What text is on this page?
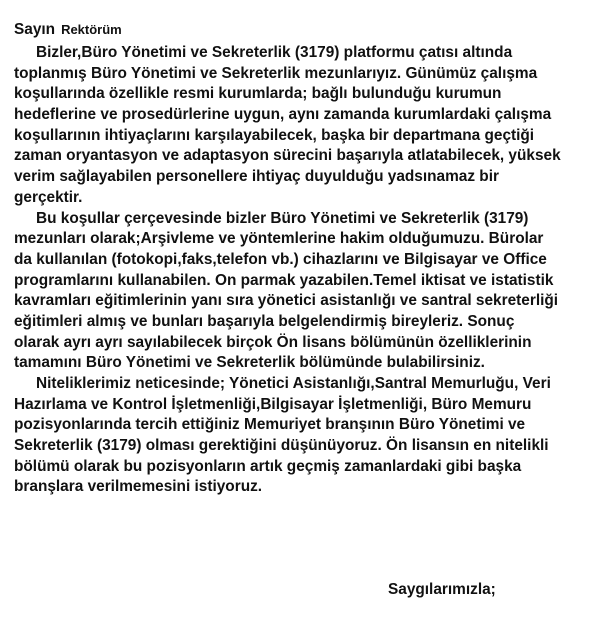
Sayın Rektörüm
Bizler,Büro Yönetimi ve Sekreterlik (3179) platformu çatısı altında
toplanmış Büro Yönetimi ve Sekreterlik mezunlarıyız. Günümüz çalışma
koşullarında özellikle resmi kurumlarda; bağlı bulunduğu kurumun
hedeflerine ve prosedürlerine uygun, aynı zamanda kurumlardaki çalışma
koşullarının ihtiyaçlarını karşılayabilecek, başka bir departmana geçtiği
zaman oryantasyon ve adaptasyon sürecini başarıyla atlatabilecek, yüksek
verim sağlayabilen personellere ihtiyaç duyulduğu yadsınamaz bir
gerçektir.
Bu koşullar çerçevesinde bizler Büro Yönetimi ve Sekreterlik (3179)
mezunları olarak;Arşivleme ve yöntemlerine hakim olduğumuzu. Bürolar
da kullanılan (fotokopi,faks,telefon vb.) cihazlarını ve Bilgisayar ve Office
programlarını kullanabilen. On parmak yazabilen.Temel iktisat ve istatistik
kavramları eğitimlerinin yanı sıra yönetici asistanlığı ve santral sekreterliği
eğitimleri almış ve bunları başarıyla belgelendirmiş bireyleriz. Sonuç
olarak ayrı ayrı sayılabilecek birçok Ön lisans bölümünün özelliklerinin
tamamını Büro Yönetimi ve Sekreterlik bölümünde bulabilirsiniz.
Niteliklerimiz neticesinde; Yönetici Asistanlığı,Santral Memurluğu, Veri
Hazırlama ve Kontrol İşletmenliği,Bilgisayar İşletmenliği, Büro Memuru
pozisyonlarında tercih ettiğiniz Memuriyet branşının Büro Yönetimi ve
Sekreterlik (3179) olması gerektiğini düşünüyoruz. Ön lisansın en nitelikli
bölümü olarak bu pozisyonların artık geçmiş zamanlardaki gibi başka
branşlara verilmemesini istiyoruz.
Saygılarımızla;
